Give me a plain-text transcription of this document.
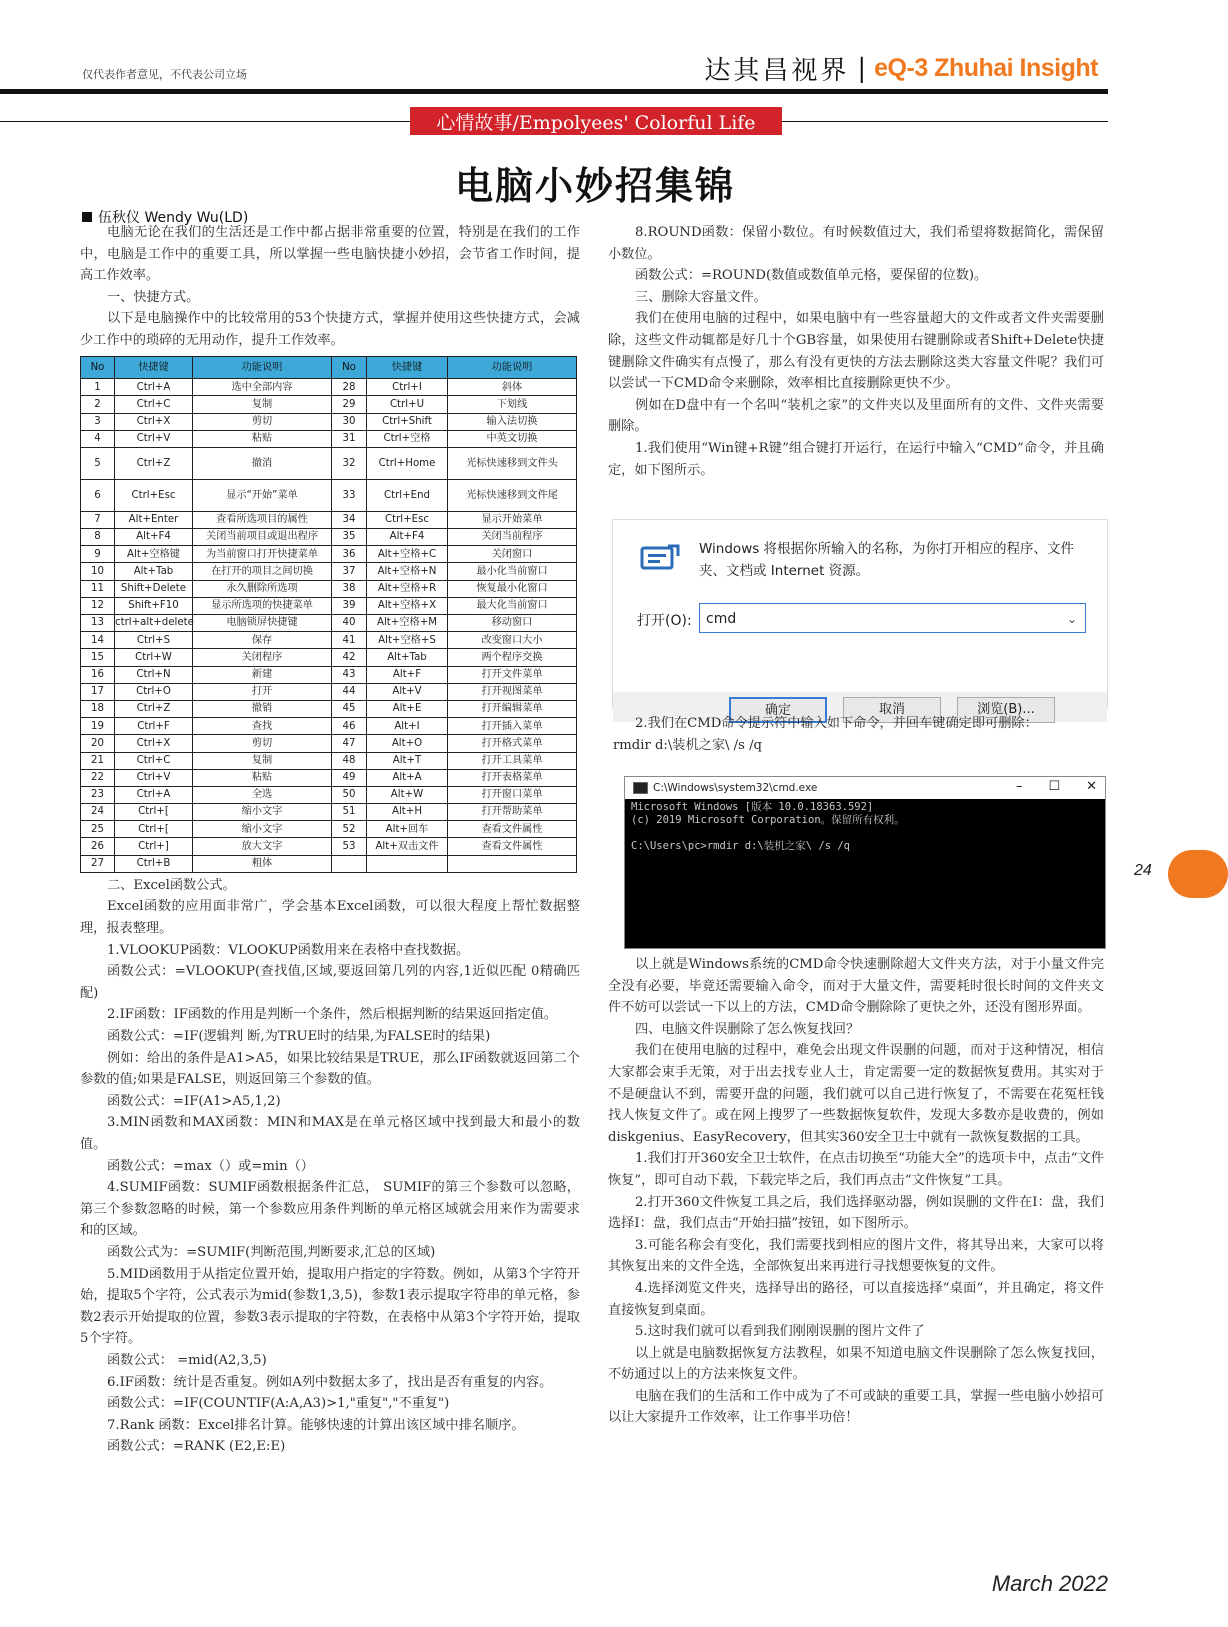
仅代表作者意见，不代表公司立场	达其昌视界 | eQ-3 Zhuhai Insight
心情故事/Empolyees' Colorful Life
电脑小妙招集锦
伍秋仪 Wendy Wu(LD)

电脑无论在我们的生活还是工作中都占据非常重要的位置，特别是在我们的工作中，电脑是工作中的重要工具，所以掌握一些电脑快捷小妙招，会节省工作时间，提高工作效率。

一、快捷方式。

以下是电脑操作中的比较常用的53个快捷方式，掌握并使用这些快捷方式，会减少工作中的琐碎的无用动作，提升工作效率。

No	快捷键	功能说明	No	快捷键	功能说明
1	Ctrl+A	选中全部内容	28	Ctrl+I	斜体
2	Ctrl+C	复制	29	Ctrl+U	下划线
3	Ctrl+X	剪切	30	Ctrl+Shift	输入法切换
4	Ctrl+V	粘贴	31	Ctrl+空格	中英文切换
5	Ctrl+Z	撤消	32	Ctrl+Home	光标快速移到文件头
6	Ctrl+Esc	显示“开始”菜单	33	Ctrl+End	光标快速移到文件尾
7	Alt+Enter	查看所选项目的属性	34	Ctrl+Esc	显示开始菜单
8	Alt+F4	关闭当前项目或退出程序	35	Alt+F4	关闭当前程序
9	Alt+空格键	为当前窗口打开快捷菜单	36	Alt+空格+C	关闭窗口
10	Alt+Tab	在打开的项目之间切换	37	Alt+空格+N	最小化当前窗口
11	Shift+Delete	永久删除所选项	38	Alt+空格+R	恢复最小化窗口
12	Shift+F10	显示所选项的快捷菜单	39	Alt+空格+X	最大化当前窗口
13	ctrl+alt+delete	电脑锁屏快捷键	40	Alt+空格+M	移动窗口
14	Ctrl+S	保存	41	Alt+空格+S	改变窗口大小
15	Ctrl+W	关闭程序	42	Alt+Tab	两个程序交换
16	Ctrl+N	新建	43	Alt+F	打开文件菜单
17	Ctrl+O	打开	44	Alt+V	打开视图菜单
18	Ctrl+Z	撤销	45	Alt+E	打开编辑菜单
19	Ctrl+F	查找	46	Alt+I	打开插入菜单
20	Ctrl+X	剪切	47	Alt+O	打开格式菜单
21	Ctrl+C	复制	48	Alt+T	打开工具菜单
22	Ctrl+V	粘贴	49	Alt+A	打开表格菜单
23	Ctrl+A	全选	50	Alt+W	打开窗口菜单
24	Ctrl+[	缩小文字	51	Alt+H	打开帮助菜单
25	Ctrl+[	缩小文字	52	Alt+回车	查看文件属性
26	Ctrl+]	放大文字	53	Alt+双击文件	查看文件属性
27	Ctrl+B	粗体			

二、Excel函数公式。

Excel函数的应用面非常广，学会基本Excel函数，可以很大程度上帮忙数据整理，报表整理。

1.VLOOKUP函数：VLOOKUP函数用来在表格中查找数据。

函数公式：=VLOOKUP(查找值,区域,要返回第几列的内容,1近似匹配 0精确匹配)

2.IF函数：IF函数的作用是判断一个条件，然后根据判断的结果返回指定值。

函数公式：=IF(逻辑判 断,为TRUE时的结果,为FALSE时的结果)

例如：给出的条件是A1>A5，如果比较结果是TRUE，那么IF函数就返回第二个参数的值;如果是FALSE，则返回第三个参数的值。

函数公式：=IF(A1>A5,1,2)

3.MIN函数和MAX函数：MIN和MAX是在单元格区域中找到最大和最小的数值。

函数公式：=max（）或=min（）

4.SUMIF函数：SUMIF函数根据条件汇总， SUMIF的第三个参数可以忽略，第三个参数忽略的时候，第一个参数应用条件判断的单元格区域就会用来作为需要求和的区域。

函数公式为：=SUMIF(判断范围,判断要求,汇总的区域)

5.MID函数用于从指定位置开始，提取用户指定的字符数。例如，从第3个字符开始，提取5个字符，公式表示为mid(参数1,3,5)，参数1表示提取字符串的单元格，参数2表示开始提取的位置，参数3表示提取的字符数，在表格中从第3个字符开始，提取5个字符。

函数公式： =mid(A2,3,5)

6.IF函数：统计是否重复。例如A列中数据太多了，找出是否有重复的内容。

函数公式：=IF(COUNTIF(A:A,A3)>1,"重复","不重复")

7.Rank 函数：Excel排名计算。能够快速的计算出该区域中排名顺序。

函数公式：=RANK (E2,E:E)

8.ROUND函数：保留小数位。有时候数值过大，我们希望将数据简化，需保留小数位。

函数公式：=ROUND(数值或数值单元格，要保留的位数)。

三、删除大容量文件。

我们在使用电脑的过程中，如果电脑中有一些容量超大的文件或者文件夹需要删除，这些文件动辄都是好几十个GB容量，如果使用右键删除或者Shift+Delete快捷键删除文件确实有点慢了，那么有没有更快的方法去删除这类大容量文件呢？我们可以尝试一下CMD命令来删除，效率相比直接删除更快不少。

例如在D盘中有一个名叫“装机之家”的文件夹以及里面所有的文件、文件夹需要删除。

1.我们使用“Win键+R键”组合键打开运行，在运行中输入“CMD”命令，并且确定，如下图所示。

Windows 将根据你所输入的名称，为你打开相应的程序、文件夹、文档或 Internet 资源。
打开(O):	cmd	⌄
确定	取消	浏览(B)...

2.我们在CMD命令提示符中输入如下命令，并回车键确定即可删除：

rmdir d:\装机之家\ /s /q

C:\Windows\system32\cmd.exe	– ☐ ✕
Microsoft Windows [版本 10.0.18363.592]
(c) 2019 Microsoft Corporation。保留所有权利。
C:\Users\pc>rmdir d:\装机之家\ /s /q

以上就是Windows系统的CMD命令快速删除超大文件夹方法，对于小量文件完全没有必要，毕竟还需要输入命令，而对于大量文件，需要耗时很长时间的文件夹文件不妨可以尝试一下以上的方法，CMD命令删除除了更快之外，还没有图形界面。

四、电脑文件误删除了怎么恢复找回？

我们在使用电脑的过程中，难免会出现文件误删的问题，而对于这种情况，相信大家都会束手无策，对于出去找专业人士，肯定需要一定的数据恢复费用。其实对于不是硬盘认不到，需要开盘的问题，我们就可以自己进行恢复了，不需要在花冤枉钱找人恢复文件了。或在网上搜罗了一些数据恢复软件，发现大多数亦是收费的，例如diskgenius、EasyRecovery，但其实360安全卫士中就有一款恢复数据的工具。

1.我们打开360安全卫士软件，在点击切换至“功能大全”的选项卡中，点击“文件恢复”，即可自动下载，下载完毕之后，我们再点击“文件恢复”工具。

2.打开360文件恢复工具之后，我们选择驱动器，例如误删的文件在I：盘，我们选择I：盘，我们点击“开始扫描”按钮，如下图所示。

3.可能名称会有变化，我们需要找到相应的图片文件，将其导出来，大家可以将其恢复出来的文件全选，全部恢复出来再进行寻找想要恢复的文件。

4.选择浏览文件夹，选择导出的路径，可以直接选择“桌面”，并且确定，将文件直接恢复到桌面。

5.这时我们就可以看到我们刚刚误删的图片文件了

以上就是电脑数据恢复方法教程，如果不知道电脑文件误删除了怎么恢复找回，不妨通过以上的方法来恢复文件。

电脑在我们的生活和工作中成为了不可或缺的重要工具，掌握一些电脑小妙招可以让大家提升工作效率，让工作事半功倍！

24
March 2022
